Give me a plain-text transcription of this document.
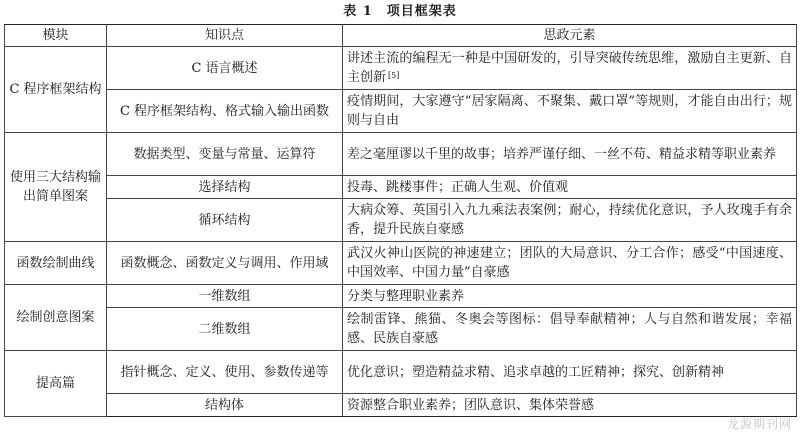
表 1 项目框架表
模块	知识点	思政元素
C 程序框架结构	C 语言概述	讲述主流的编程无一种是中国研发的，引导突破传统思维，激励自主更新、自主创新 [5]
	C 程序框架结构、格式输入输出函数	疫情期间，大家遵守“居家隔离、不聚集、戴口罩”等规则，才能自由出行；规则与自由
使用三大结构输出简单图案	数据类型、变量与常量、运算符	差之毫厘谬以千里的故事；培养严谨仔细、一丝不苟、精益求精等职业素养
	选择结构	投毒、跳楼事件；正确人生观、价值观
	循环结构	大病众筹、英国引入九九乘法表案例；耐心，持续优化意识，予人玫瑰手有余香，提升民族自豪感
函数绘制曲线	函数概念、函数定义与调用、作用域	武汉火神山医院的神速建立；团队的大局意识、分工合作；感受“中国速度、中国效率、中国力量”自豪感
绘制创意图案	一维数组	分类与整理职业素养
	二维数组	绘制雷锋、熊猫、冬奥会等图标：倡导奉献精神；人与自然和谐发展；幸福感、民族自豪感
提高篇	指针概念、定义、使用、参数传递等	优化意识；塑造精益求精、追求卓越的工匠精神；探究、创新精神
	结构体	资源整合职业素养；团队意识、集体荣誉感
龙源期刊网
